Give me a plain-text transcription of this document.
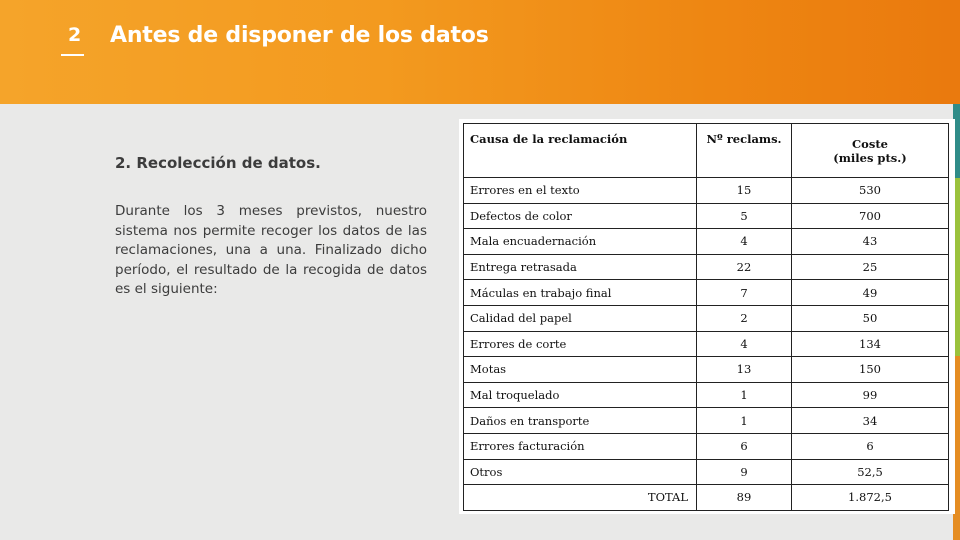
2 Antes de disponer de los datos
2. Recolección de datos.
Durante los 3 meses previstos, nuestro sistema nos permite recoger los datos de las reclamaciones, una a una. Finalizado dicho período, el resultado de la recogida de datos es el siguiente:
Causa de la reclamación	Nº reclams.	Coste
(miles pts.)
Errores en el texto	15	530
Defectos de color	5	700
Mala encuadernación	4	43
Entrega retrasada	22	25
Máculas en trabajo final	7	49
Calidad del papel	2	50
Errores de corte	4	134
Motas	13	150
Mal troquelado	1	99
Daños en transporte	1	34
Errores facturación	6	6
Otros	9	52,5
TOTAL	89	1.872,5
